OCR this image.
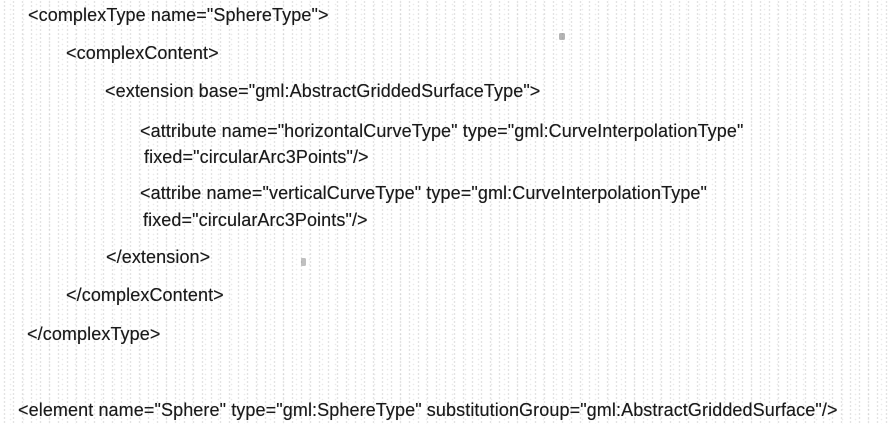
<complexType name="SphereType">
<complexContent>
<extension base="gml:AbstractGriddedSurfaceType">
<attribute name="horizontalCurveType" type="gml:CurveInterpolationType"
fixed="circularArc3Points"/>
<attribe name="verticalCurveType" type="gml:CurveInterpolationType"
fixed="circularArc3Points"/>
</extension>
</complexContent>
</complexType>
<element name="Sphere" type="gml:SphereType" substitutionGroup="gml:AbstractGriddedSurface"/>
